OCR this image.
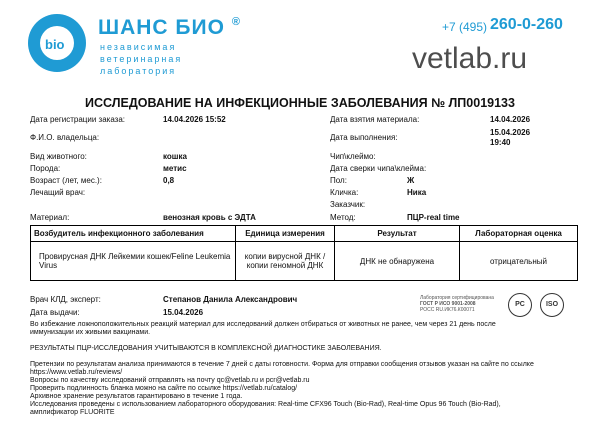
bio
ШАНС БИО ®
независимая
ветеринарная
лаборатория
+7 (495) 260-0-260
vetlab.ru
ИССЛЕДОВАНИЕ НА ИНФЕКЦИОННЫЕ ЗАБОЛЕВАНИЯ № ЛП0019133
Дата регистрации заказа:	14.04.2026 15:52
Ф.И.О. владельца:
Вид животного:	кошка
Порода:	метис
Возраст (лет, мес.):	0,8
Лечащий врач:
Дата взятия материала:	14.04.2026
Дата выполнения:
15.04.2026
19:40
Чип\клеймо:
Дата сверки чипа\клейма:
Пол:	Ж
Кличка:	Ника
Заказчик:
Метод:	ПЦР-real time
Материал:	венозная кровь с ЭДТА
Возбудитель инфекционного заболевания	Единица измерения	Результат	Лабораторная оценка
Провирусная ДНК Лейкемии кошек/Feline Leukemia Virus	копии вирусной ДНК / копии геномной ДНК	ДНК не обнаружена	отрицательный
Врач КЛД, эксперт:	Степанов Данила Александрович
Дата выдачи:	15.04.2026
Лаборатория сертифицирована
ГОСТ Р ИСО 9001-2008
РОСС RU.ИК76.К00071
PC	ISO
Во избежание ложноположительных реакций материал для исследований должен отбираться от животных не ранее, чем через 21 день после
иммунизации их живыми вакцинами.
РЕЗУЛЬТАТЫ ПЦР-ИССЛЕДОВАНИЯ УЧИТЫВАЮТСЯ В КОМПЛЕКСНОЙ ДИАГНОСТИКЕ ЗАБОЛЕВАНИЯ.
Претензии по результатам анализа принимаются в течение 7 дней с даты готовности. Форма для отправки сообщения отзывов указан на сайте по ссылке
https://www.vetlab.ru/reviews/
Вопросы по качеству исследований отправлять на почту qc@vetlab.ru и pcr@vetlab.ru
Проверить подлинность бланка можно на сайте по ссылке https://vetlab.ru/catalog/
Архивное хранение результатов гарантировано в течение 1 года.
Исследования проведены с использованием лабораторного оборудования: Real-time CFX96 Touch (Bio-Rad), Real-time Opus 96 Touch (Bio-Rad),
амплификатор FLUORITE
